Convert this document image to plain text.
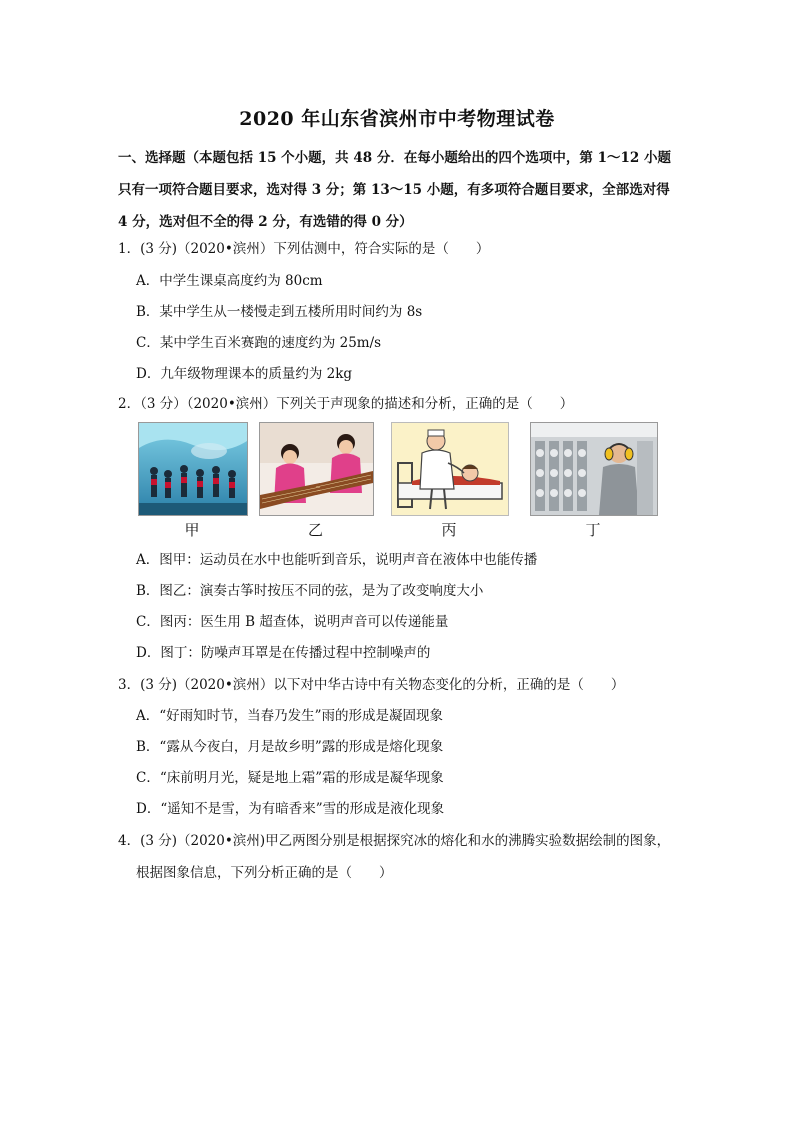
2020 年山东省滨州市中考物理试卷
一、选择题（本题包括 15 个小题，共 48 分．在每小题给出的四个选项中，第 1～12 小题
只有一项符合题目要求，选对得 3 分；第 13～15 小题，有多项符合题目要求，全部选对得
4 分，选对但不全的得 2 分，有选错的得 0 分）
1．(3 分)（2020•滨州）下列估测中，符合实际的是（　　）
A．中学生课桌高度约为 80cm
B．某中学生从一楼慢走到五楼所用时间约为 8s
C．某中学生百米赛跑的速度约为 25m/s
D．九年级物理课本的质量约为 2kg
2．（3 分）（2020•滨州）下列关于声现象的描述和分析，正确的是（　　）
甲	乙	丙	丁
A．图甲：运动员在水中也能听到音乐，说明声音在液体中也能传播
B．图乙：演奏古筝时按压不同的弦，是为了改变响度大小
C．图丙：医生用 B 超查体，说明声音可以传递能量
D．图丁：防噪声耳罩是在传播过程中控制噪声的
3．(3 分)（2020•滨州）以下对中华古诗中有关物态变化的分析，正确的是（　　）
A．“好雨知时节，当春乃发生”雨的形成是凝固现象
B．“露从今夜白，月是故乡明”露的形成是熔化现象
C．“床前明月光，疑是地上霜”霜的形成是凝华现象
D．“遥知不是雪，为有暗香来”雪的形成是液化现象
4．(3 分)（2020•滨州)甲乙两图分别是根据探究冰的熔化和水的沸腾实验数据绘制的图象，
根据图象信息，下列分析正确的是（　　）
